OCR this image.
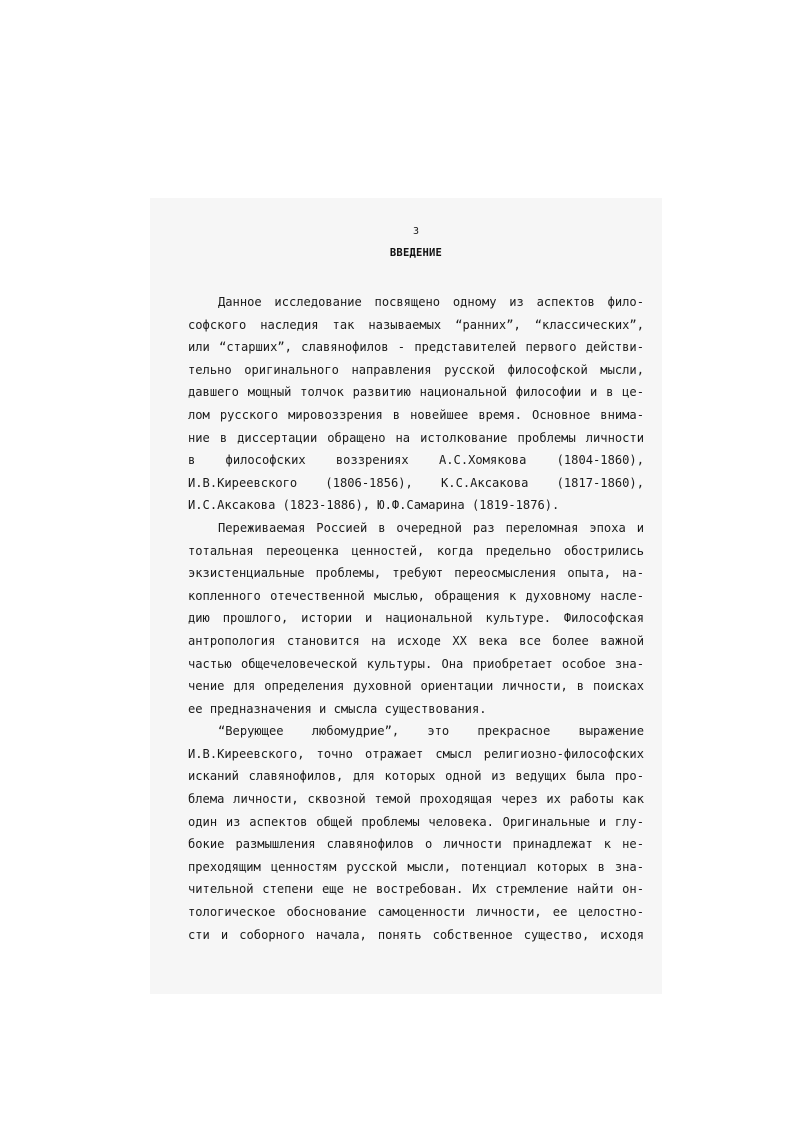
3
ВВЕДЕНИЕ
Данное исследование посвящено одному из аспектов фило-
софского наследия так называемых “ранних”, “классических”,
или “старших”, славянофилов - представителей первого действи-
тельно оригинального направления русской философской мысли,
давшего мощный толчок развитию национальной философии и в це-
лом русского мировоззрения в новейшее время. Основное внима-
ние в диссертации обращено на истолкование проблемы личности
в философских воззрениях А.С.Хомякова (1804-1860),
И.В.Киреевского (1806-1856), К.С.Аксакова (1817-1860),
И.С.Аксакова (1823-1886), Ю.Ф.Самарина (1819-1876).
Переживаемая Россией в очередной раз переломная эпоха и
тотальная переоценка ценностей, когда предельно обострились
экзистенциальные проблемы, требуют переосмысления опыта, на-
копленного отечественной мыслью, обращения к духовному насле-
дию прошлого, истории и национальной культуре. Философская
антропология становится на исходе XX века все более важной
частью общечеловеческой культуры. Она приобретает особое зна-
чение для определения духовной ориентации личности, в поисках
ее предназначения и смысла существования.
“Верующее любомудрие”, это прекрасное выражение
И.В.Киреевского, точно отражает смысл религиозно-философских
исканий славянофилов, для которых одной из ведущих была про-
блема личности, сквозной темой проходящая через их работы как
один из аспектов общей проблемы человека. Оригинальные и глу-
бокие размышления славянофилов о личности принадлежат к не-
преходящим ценностям русской мысли, потенциал которых в зна-
чительной степени еще не востребован. Их стремление найти он-
тологическое обоснование самоценности личности, ее целостно-
сти и соборного начала, понять собственное существо, исходя
